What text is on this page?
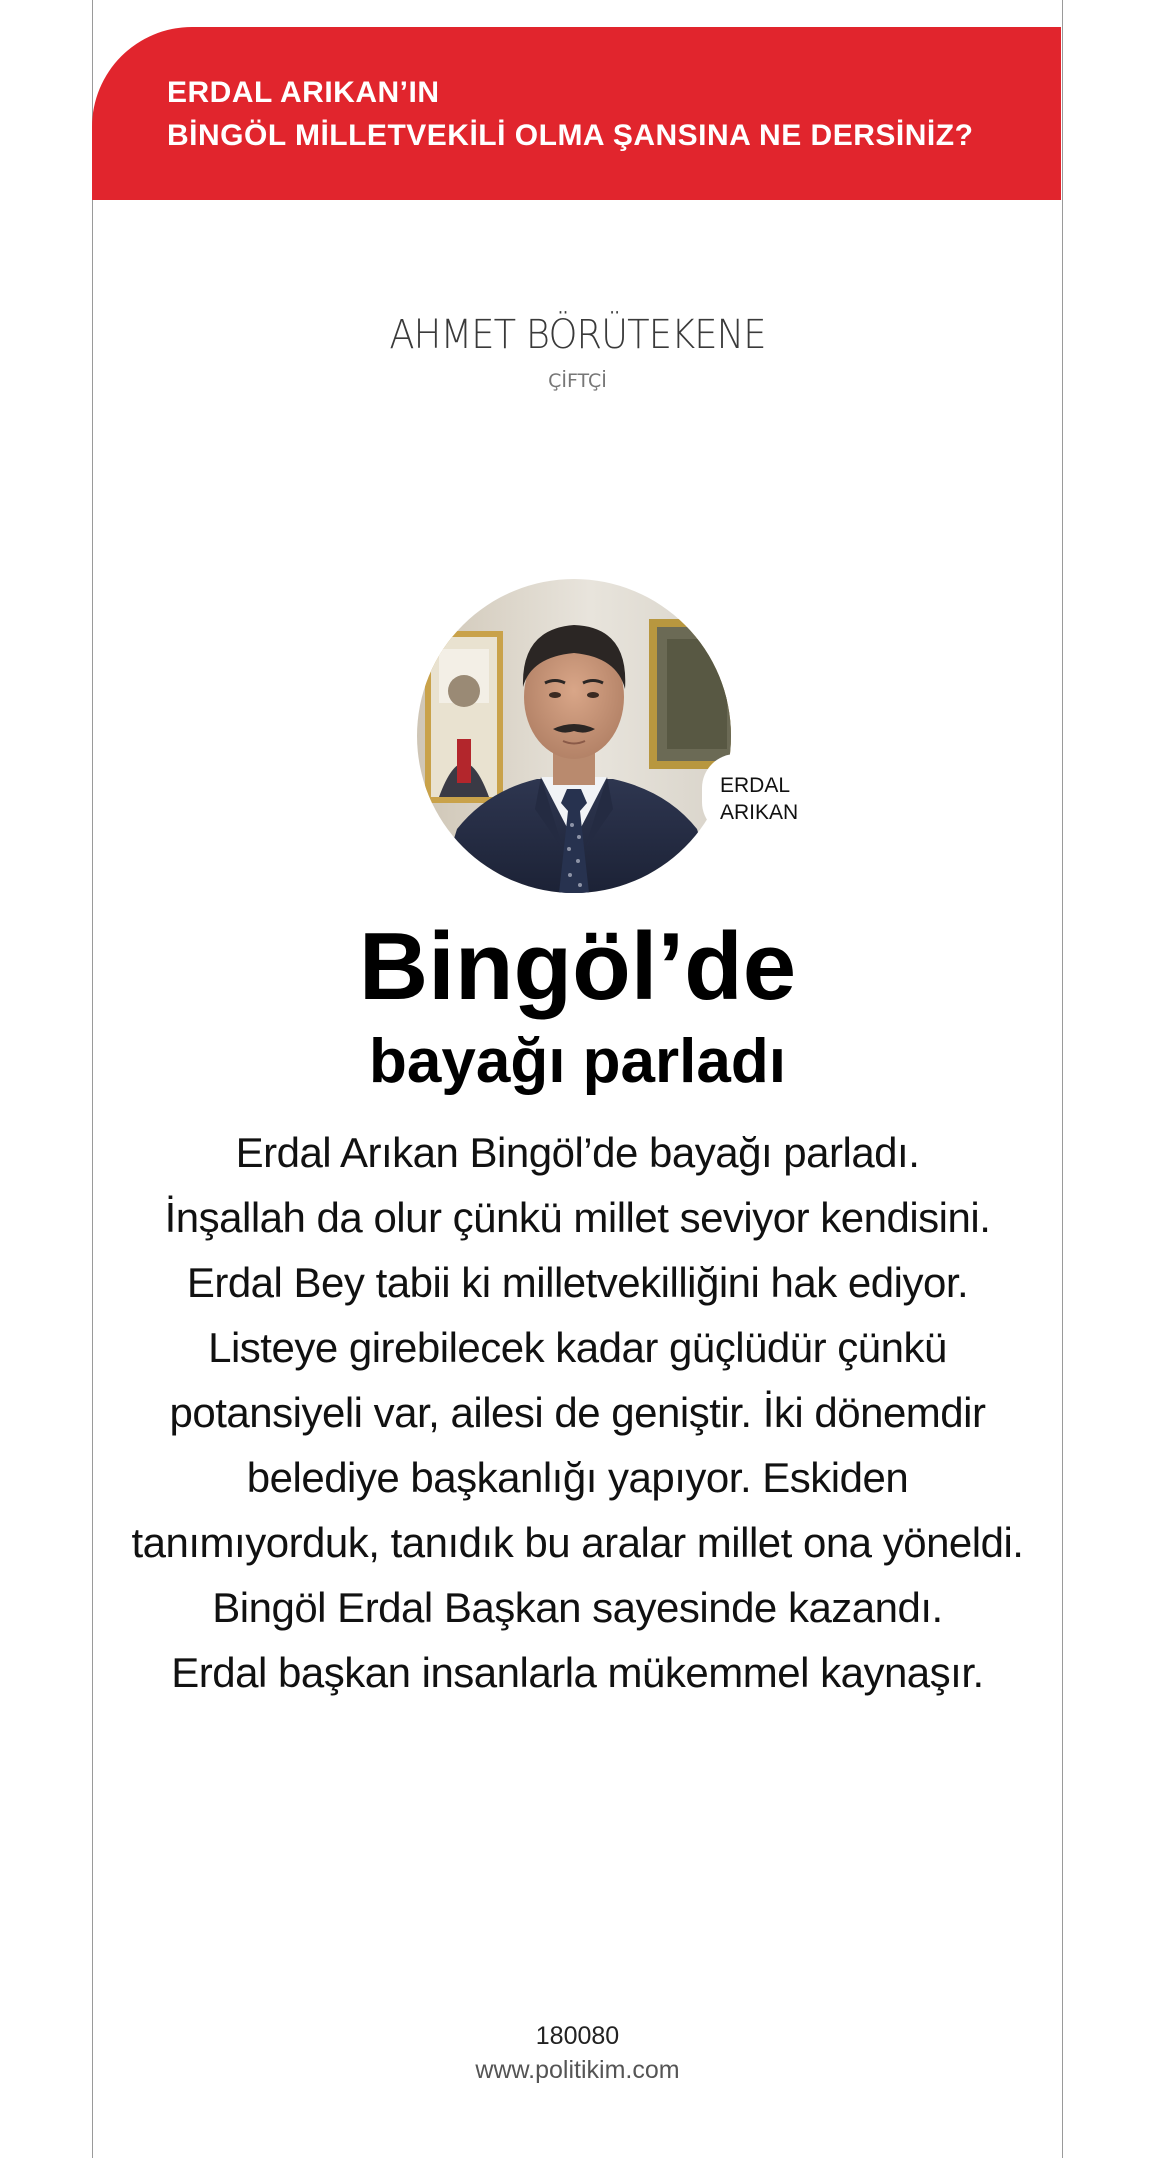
ERDAL ARIKAN’IN
BİNGÖL MİLLETVEKİLİ OLMA ŞANSINA NE DERSİNİZ?
AHMET BÖRÜTEKENE
ÇİFTÇİ
ERDAL
ARIKAN
Bingöl’de
bayağı parladı
Erdal Arıkan Bingöl’de bayağı parladı.
İnşallah da olur çünkü millet seviyor kendisini.
Erdal Bey tabii ki milletvekilliğini hak ediyor.
Listeye girebilecek kadar güçlüdür çünkü
potansiyeli var, ailesi de geniştir. İki dönemdir
belediye başkanlığı yapıyor. Eskiden
tanımıyorduk, tanıdık bu aralar millet ona yöneldi.
Bingöl Erdal Başkan sayesinde kazandı.
Erdal başkan insanlarla mükemmel kaynaşır.
180080
www.politikim.com
